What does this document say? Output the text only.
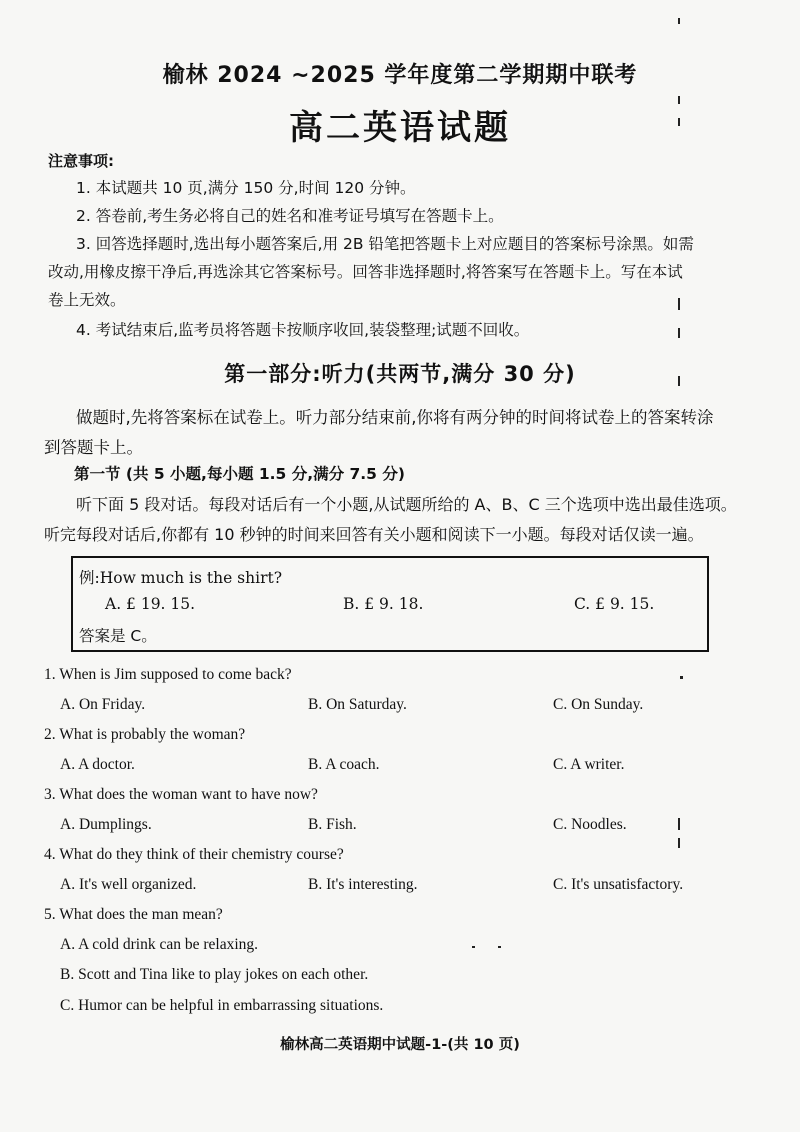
榆林 2024 ~2025 学年度第二学期期中联考
高二英语试题
注意事项:
1. 本试题共 10 页,满分 150 分,时间 120 分钟。
2. 答卷前,考生务必将自己的姓名和准考证号填写在答题卡上。
3. 回答选择题时,选出每小题答案后,用 2B 铅笔把答题卡上对应题目的答案标号涂黑。如需
改动,用橡皮擦干净后,再选涂其它答案标号。回答非选择题时,将答案写在答题卡上。写在本试
卷上无效。
4. 考试结束后,监考员将答题卡按顺序收回,装袋整理;试题不回收。
第一部分:听力(共两节,满分 30 分)
做题时,先将答案标在试卷上。听力部分结束前,你将有两分钟的时间将试卷上的答案转涂
到答题卡上。
第一节 (共 5 小题,每小题 1.5 分,满分 7.5 分)
听下面 5 段对话。每段对话后有一个小题,从试题所给的 A、B、C 三个选项中选出最佳选项。
听完每段对话后,你都有 10 秒钟的时间来回答有关小题和阅读下一小题。每段对话仅读一遍。
例:How much is the shirt?
A. £ 19. 15.	B. £ 9. 18.	C. £ 9. 15.
答案是 C。
1. When is Jim supposed to come back?
A. On Friday.	B. On Saturday.	C. On Sunday.
2. What is probably the woman?
A. A doctor.	B. A coach.	C. A writer.
3. What does the woman want to have now?
A. Dumplings.	B. Fish.	C. Noodles.
4. What do they think of their chemistry course?
A. It's well organized.	B. It's interesting.	C. It's unsatisfactory.
5. What does the man mean?
A. A cold drink can be relaxing.
B. Scott and Tina like to play jokes on each other.
C. Humor can be helpful in embarrassing situations.
榆林高二英语期中试题-1-(共 10 页)
